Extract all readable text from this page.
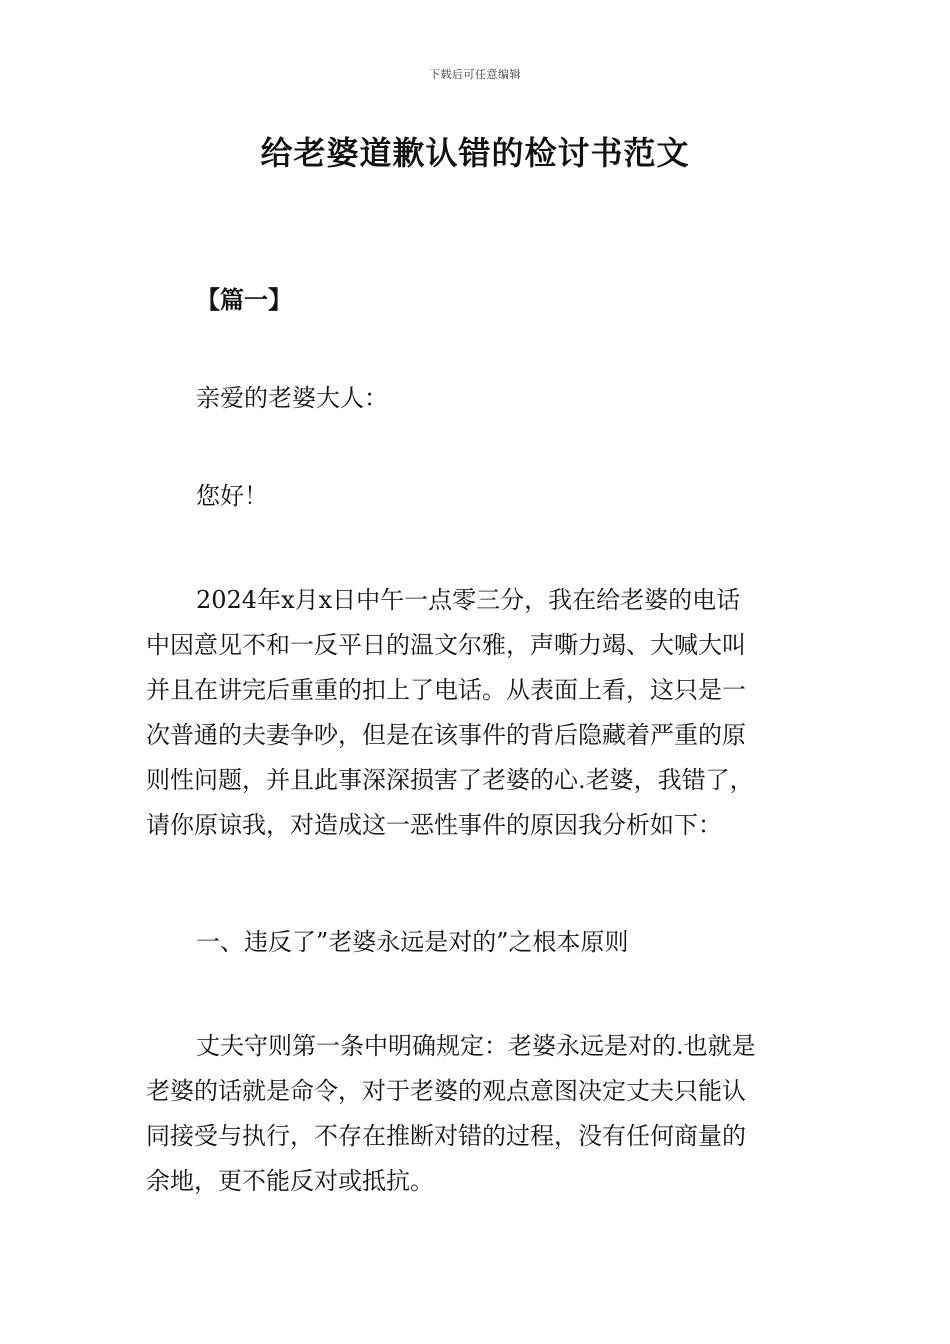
下载后可任意编辑
给老婆道歉认错的检讨书范文
【篇一】
亲爱的老婆大人：
您好！
2024年x月x日中午一点零三分，我在给老婆的电话
中因意见不和一反平日的温文尔雅，声嘶力竭、大喊大叫
并且在讲完后重重的扣上了电话。从表面上看，这只是一
次普通的夫妻争吵，但是在该事件的背后隐藏着严重的原
则性问题，并且此事深深损害了老婆的心.老婆，我错了，
请你原谅我，对造成这一恶性事件的原因我分析如下：
一、违反了”老婆永远是对的”之根本原则
丈夫守则第一条中明确规定：老婆永远是对的.也就是
老婆的话就是命令，对于老婆的观点意图决定丈夫只能认
同接受与执行，不存在推断对错的过程，没有任何商量的
余地，更不能反对或抵抗。
